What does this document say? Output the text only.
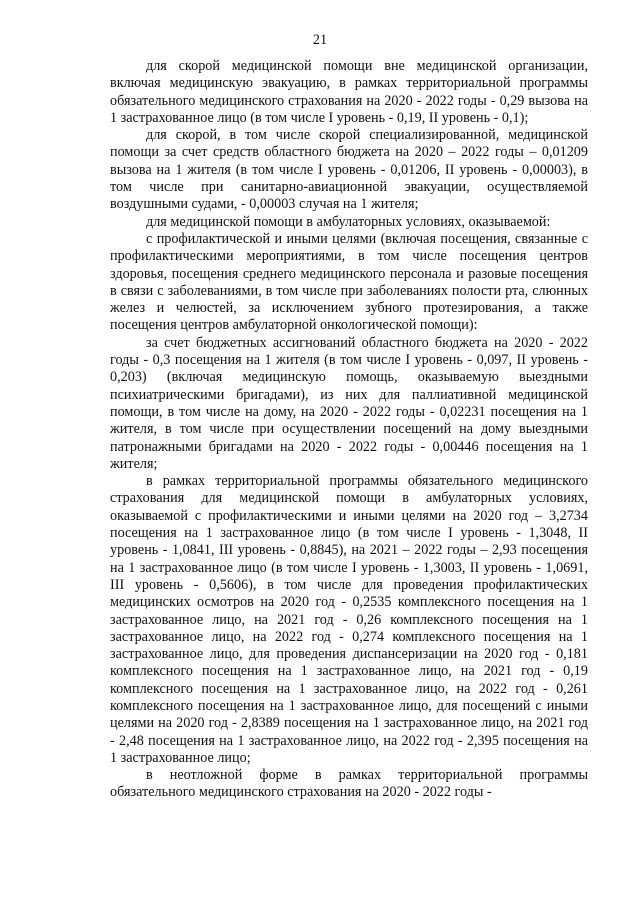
21

для скорой медицинской помощи вне медицинской организации, включая медицинскую эвакуацию, в рамках территориальной программы обязательного медицинского страхования на 2020 - 2022 годы - 0,29 вызова на 1 застрахованное лицо (в том числе I уровень - 0,19, II уровень - 0,1);

для скорой, в том числе скорой специализированной, медицинской помощи за счет средств областного бюджета на 2020 – 2022 годы – 0,01209 вызова на 1 жителя (в том числе I уровень - 0,01206, II уровень - 0,00003), в том числе при санитарно-авиационной эвакуации, осуществляемой воздушными судами, - 0,00003 случая на 1 жителя;

для медицинской помощи в амбулаторных условиях, оказываемой:

с профилактической и иными целями (включая посещения, связанные с профилактическими мероприятиями, в том числе посещения центров здоровья, посещения среднего медицинского персонала и разовые посещения в связи с заболеваниями, в том числе при заболеваниях полости рта, слюнных желез и челюстей, за исключением зубного протезирования, а также посещения центров амбулаторной онкологической помощи):

за счет бюджетных ассигнований областного бюджета на 2020 - 2022 годы - 0,3 посещения на 1 жителя (в том числе I уровень - 0,097, II уровень - 0,203) (включая медицинскую помощь, оказываемую выездными психиатрическими бригадами), из них для паллиативной медицинской помощи, в том числе на дому, на 2020 - 2022 годы - 0,02231 посещения на 1 жителя, в том числе при осуществлении посещений на дому выездными патронажными бригадами на 2020 - 2022 годы - 0,00446 посещения на 1 жителя;

в рамках территориальной программы обязательного медицинского страхования для медицинской помощи в амбулаторных условиях, оказываемой с профилактическими и иными целями на 2020 год – 3,2734 посещения на 1 застрахованное лицо (в том числе I уровень - 1,3048, II уровень - 1,0841, III уровень - 0,8845), на 2021 – 2022 годы – 2,93 посещения на 1 застрахованное лицо (в том числе I уровень - 1,3003, II уровень - 1,0691, III уровень - 0,5606), в том числе для проведения профилактических медицинских осмотров на 2020 год - 0,2535 комплексного посещения на 1 застрахованное лицо, на 2021 год - 0,26 комплексного посещения на 1 застрахованное лицо, на 2022 год - 0,274 комплексного посещения на 1 застрахованное лицо, для проведения диспансеризации на 2020 год - 0,181 комплексного посещения на 1 застрахованное лицо, на 2021 год - 0,19 комплексного посещения на 1 застрахованное лицо, на 2022 год - 0,261 комплексного посещения на 1 застрахованное лицо, для посещений с иными целями на 2020 год - 2,8389 посещения на 1 застрахованное лицо, на 2021 год - 2,48 посещения на 1 застрахованное лицо, на 2022 год - 2,395 посещения на 1 застрахованное лицо;

в неотложной форме в рамках территориальной программы обязательного медицинского страхования на 2020 - 2022 годы -
